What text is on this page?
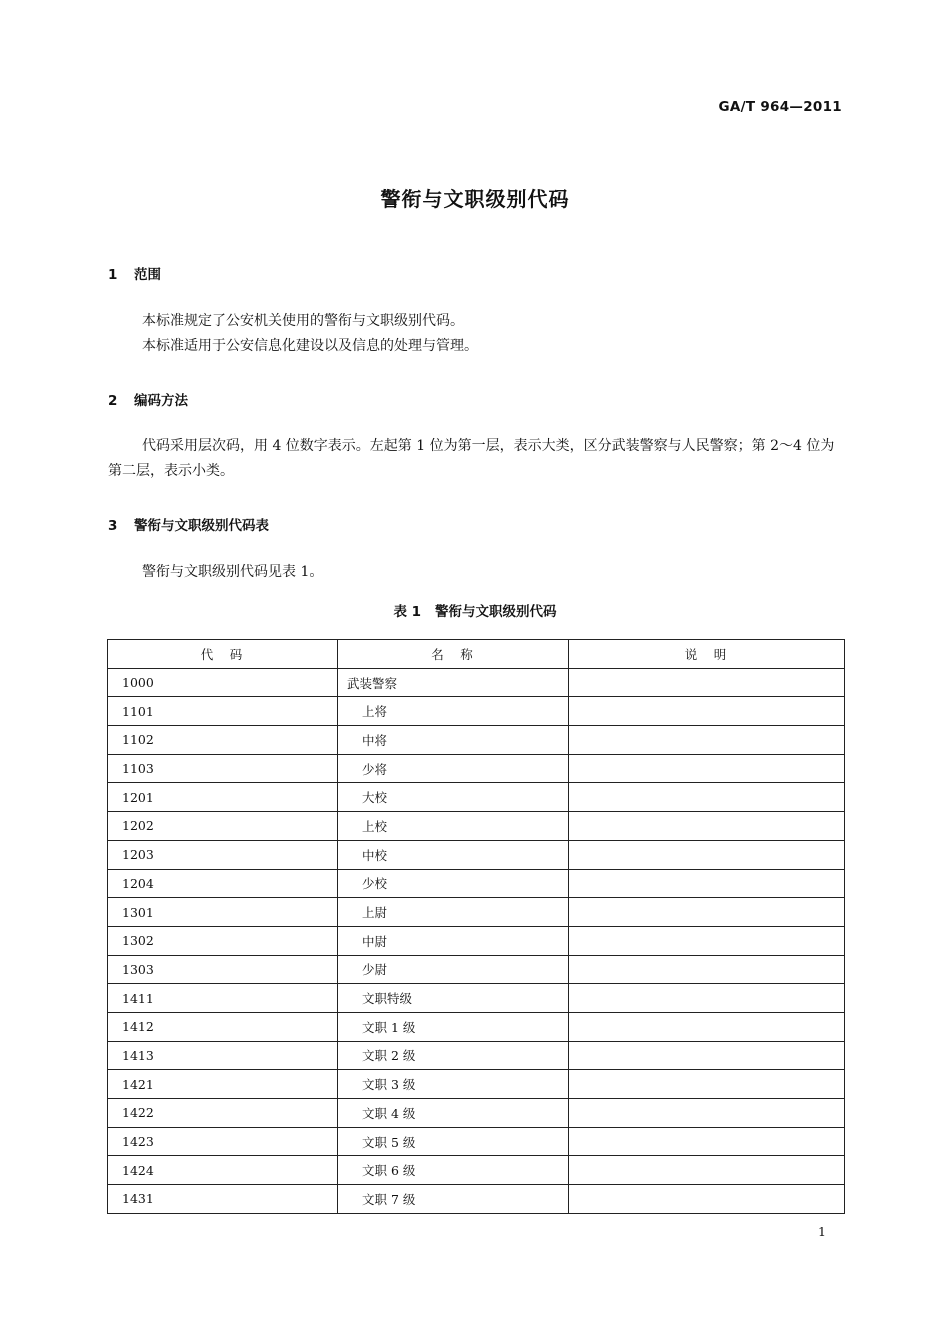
GA/T 964—2011
警衔与文职级别代码
1 范围
本标准规定了公安机关使用的警衔与文职级别代码。
本标准适用于公安信息化建设以及信息的处理与管理。
2 编码方法
代码采用层次码，用 4 位数字表示。左起第 1 位为第一层，表示大类，区分武装警察与人民警察；第 2～4 位为第二层，表示小类。
3 警衔与文职级别代码表
警衔与文职级别代码见表 1。
表 1 警衔与文职级别代码
代　码	名　称	说　明
1000	武装警察	
1101	上将	
1102	中将	
1103	少将	
1201	大校	
1202	上校	
1203	中校	
1204	少校	
1301	上尉	
1302	中尉	
1303	少尉	
1411	文职特级	
1412	文职 1 级	
1413	文职 2 级	
1421	文职 3 级	
1422	文职 4 级	
1423	文职 5 级	
1424	文职 6 级	
1431	文职 7 级	
1
